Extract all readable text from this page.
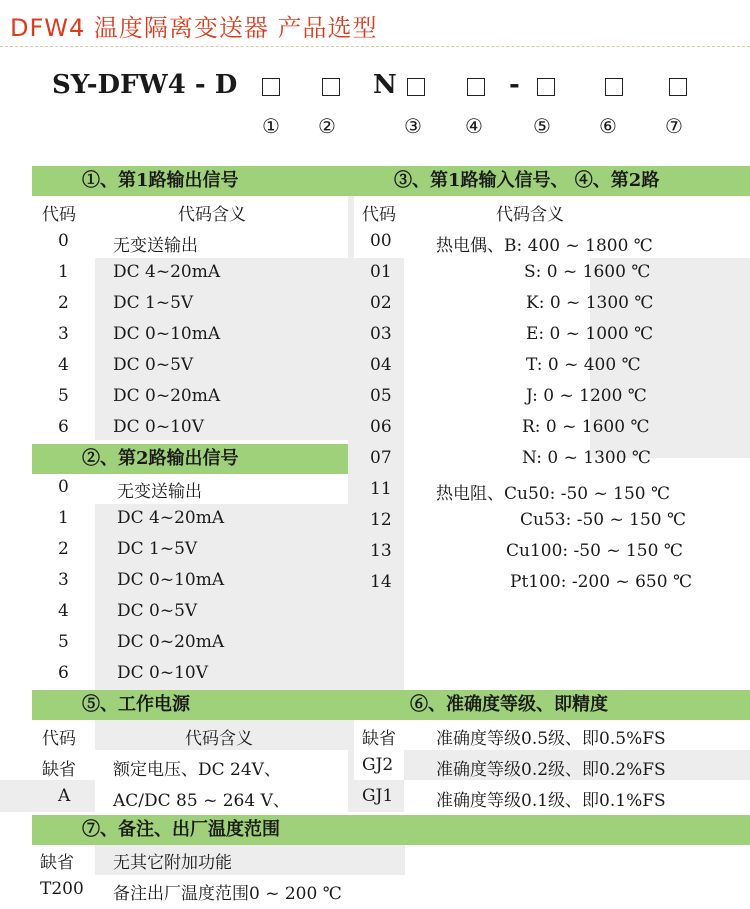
DFW4 温度隔离变送器 产品选型
SY-DFW4 - D	N	-
① ②	③ ④	⑤ ⑥ ⑦
①、第1路输出信号	③、第1路输入信号、 ④、第2路
代码	代码含义
0	无变送输出
1	DC 4~20mA
2	DC 1~5V
3	DC 0~10mA
4	DC 0~5V
5	DC 0~20mA
6	DC 0~10V
②、第2路输出信号
0	无变送输出
1	DC 4~20mA
2	DC 1~5V
3	DC 0~10mA
4	DC 0~5V
5	DC 0~20mA
6	DC 0~10V
代码	代码含义
00	热电偶、B: 400 ~ 1800 ℃
01	S: 0 ~ 1600 ℃
02	K: 0 ~ 1300 ℃
03	E: 0 ~ 1000 ℃
04	T: 0 ~ 400 ℃
05	J: 0 ~ 1200 ℃
06	R: 0 ~ 1600 ℃
07	N: 0 ~ 1300 ℃
11	热电阻、Cu50: -50 ~ 150 ℃
12	Cu53: -50 ~ 150 ℃
13	Cu100: -50 ~ 150 ℃
14	Pt100: -200 ~ 650 ℃
⑤、工作电源	⑥、准确度等级、即精度
代码	代码含义
缺省 额定电压、DC 24V、
A	AC/DC 85 ~ 264 V、
缺省 准确度等级0.5级、即0.5%FS
GJ2	准确度等级0.2级、即0.2%FS
GJ1	准确度等级0.1级、即0.1%FS
⑦、备注、出厂温度范围
缺省 无其它附加功能
T200 备注出厂温度范围0 ~ 200 ℃
